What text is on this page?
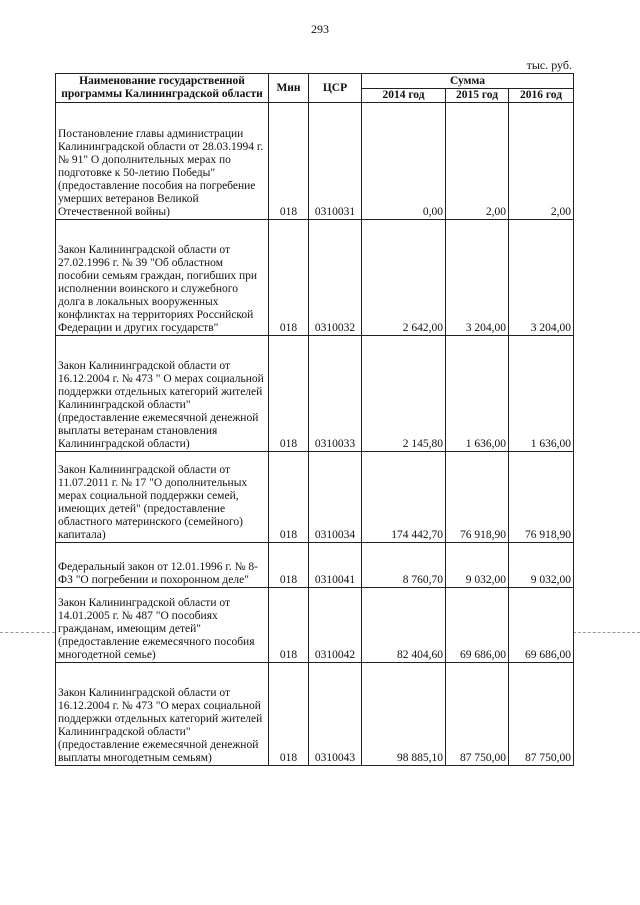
293
тыс. руб.
Наименование государственной программы Калининградской области	Мин	ЦСР	Сумма		
			2014 год	2015 год	2016 год
Постановление главы администрации Калининградской области от 28.03.1994 г. № 91" О дополнительных мерах по подготовке к 50-летию Победы" (предоставление пособия на погребение умерших ветеранов Великой Отечественной войны)	018	0310031	0,00	2,00	2,00
Закон Калининградской области от 27.02.1996 г. № 39 "Об областном пособии семьям граждан, погибших при исполнении воинского и служебного долга в локальных вооруженных конфликтах на территориях Российской Федерации и других государств"	018	0310032	2 642,00	3 204,00	3 204,00
Закон Калининградской области от 16.12.2004 г. № 473 " О мерах социальной поддержки отдельных категорий жителей Калининградской области" (предоставление ежемесячной денежной выплаты ветеранам становления Калининградской области)	018	0310033	2 145,80	1 636,00	1 636,00
Закон Калининградской области от 11.07.2011 г. № 17 "О дополнительных мерах социальной поддержки семей, имеющих детей" (предоставление областного материнского (семейного) капитала)	018	0310034	174 442,70	76 918,90	76 918,90
Федеральный закон от 12.01.1996 г. № 8-ФЗ "О погребении и похоронном деле"	018	0310041	8 760,70	9 032,00	9 032,00
Закон Калининградской области от 14.01.2005 г. № 487 "О пособиях гражданам, имеющим детей" (предоставление ежемесячного пособия многодетной семье)	018	0310042	82 404,60	69 686,00	69 686,00
Закон Калининградской области от 16.12.2004 г. № 473 "О мерах социальной поддержки отдельных категорий жителей Калининградской области" (предоставление ежемесячной денежной выплаты многодетным семьям)	018	0310043	98 885,10	87 750,00	87 750,00
